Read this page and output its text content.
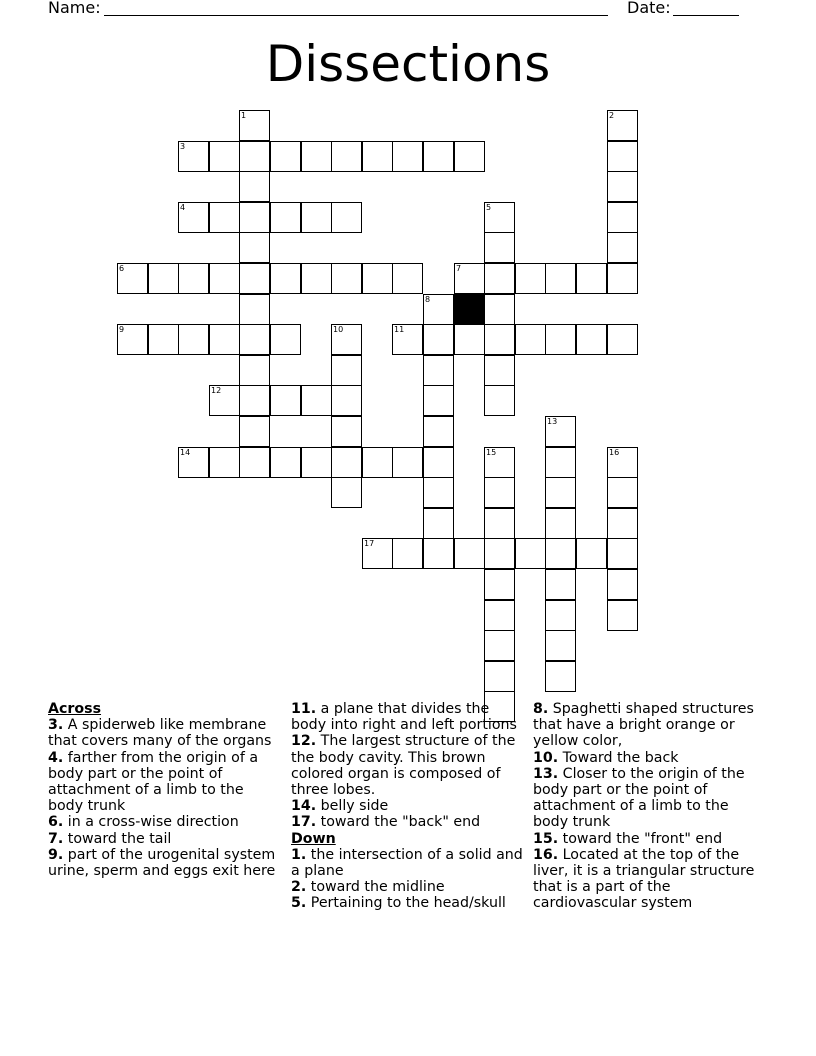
Name:	Date:
Dissections
1	2
3
4	5
6	7
8
9	10	11
12
13
14	15	16
17
Across
3. A spiderweb like membrane that covers many of the organs
4. farther from the origin of a body part or the point of attachment of a limb to the body trunk
6. in a cross-wise direction
7. toward the tail
9. part of the urogenital system urine, sperm and eggs exit here
11. a plane that divides the body into right and left portions
12. The largest structure of the the body cavity. This brown colored organ is composed of three lobes.
14. belly side
17. toward the "back" end
Down
1. the intersection of a solid and a plane
2. toward the midline
5. Pertaining to the head/skull
8. Spaghetti shaped structures that have a bright orange or yellow color,
10. Toward the back
13. Closer to the origin of the body part or the point of attachment of a limb to the body trunk
15. toward the "front" end
16. Located at the top of the liver, it is a triangular structure that is a part of the cardiovascular system
